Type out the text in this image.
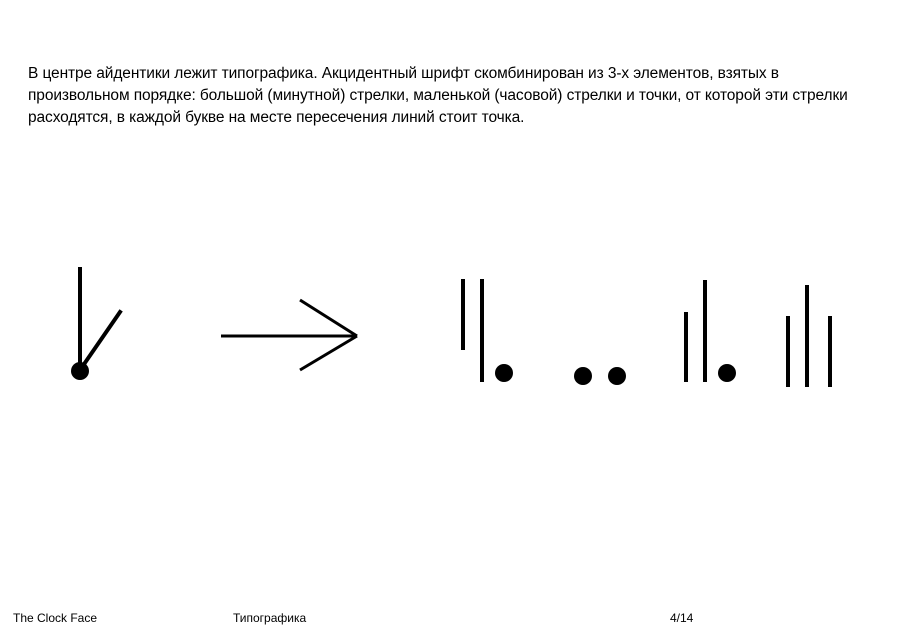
В центре айдентики лежит типографика. Акцидентный шрифт скомбинирован из 3-х элементов, взятых в произвольном порядке: большой (минутной) стрелки, маленькой (часовой) стрелки и точки, от которой эти стрелки расходятся, в каждой букве на месте пересечения линий стоит точка.

The Clock Face	Типографика	4/14
